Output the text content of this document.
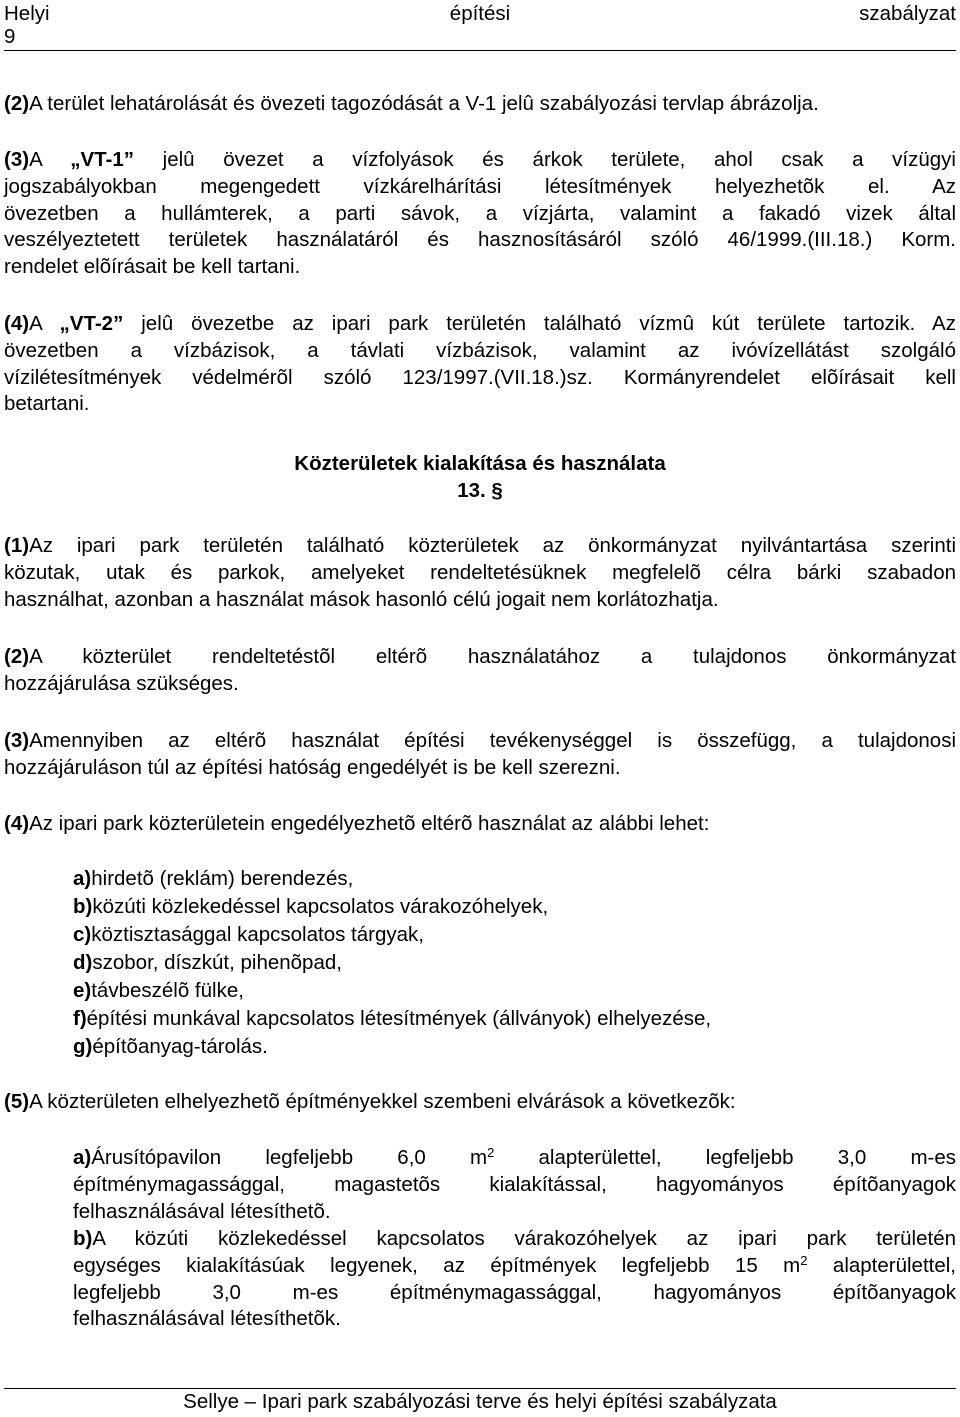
építési
Helyi	szabályzat
9
(2)A terület lehatárolását és övezeti tagozódását a V-1 jelû szabályozási tervlap ábrázolja.
(3)A „VT-1” jelû övezet a vízfolyások és árkok területe, ahol csak a vízügyi
jogszabályokban megengedett vízkárelhárítási létesítmények helyezhetõk el. Az
övezetben a hullámterek, a parti sávok, a vízjárta, valamint a fakadó vizek által
veszélyeztetett területek használatáról és hasznosításáról szóló 46/1999.(III.18.) Korm.
rendelet elõírásait be kell tartani.
(4)A „VT-2” jelû övezetbe az ipari park területén található vízmû kút területe tartozik. Az
övezetben a vízbázisok, a távlati vízbázisok, valamint az ivóvízellátást szolgáló
vízilétesítmények védelmérõl szóló 123/1997.(VII.18.)sz. Kormányrendelet elõírásait kell
betartani.
Közterületek kialakítása és használata
13. §
(1)Az ipari park területén található közterületek az önkormányzat nyilvántartása szerinti
közutak, utak és parkok, amelyeket rendeltetésüknek megfelelõ célra bárki szabadon
használhat, azonban a használat mások hasonló célú jogait nem korlátozhatja.
(2)A közterület rendeltetéstõl eltérõ használatához a tulajdonos önkormányzat
hozzájárulása szükséges.
(3)Amennyiben az eltérõ használat építési tevékenységgel is összefügg, a tulajdonosi
hozzájáruláson túl az építési hatóság engedélyét is be kell szerezni.
(4)Az ipari park közterületein engedélyezhetõ eltérõ használat az alábbi lehet:
a)hirdetõ (reklám) berendezés,
b)közúti közlekedéssel kapcsolatos várakozóhelyek,
c)köztisztasággal kapcsolatos tárgyak,
d)szobor, díszkút, pihenõpad,
e)távbeszélõ fülke,
f)építési munkával kapcsolatos létesítmények (állványok) elhelyezése,
g)építõanyag-tárolás.
(5)A közterületen elhelyezhetõ építményekkel szembeni elvárások a következõk:
a)Árusítópavilon legfeljebb 6,0 $m^2$ alapterülettel, legfeljebb 3,0 m-es
építménymagassággal, magastetõs kialakítással, hagyományos építõanyagok
felhasználásával létesíthetõ.
b)A közúti közlekedéssel kapcsolatos várakozóhelyek az ipari park területén
egységes kialakításúak legyenek, az építmények legfeljebb 15 $m^2$ alapterülettel,
legfeljebb 3,0 m-es építménymagassággal, hagyományos építõanyagok
felhasználásával létesíthetõk.
Sellye – Ipari park szabályozási terve és helyi építési szabályzata
